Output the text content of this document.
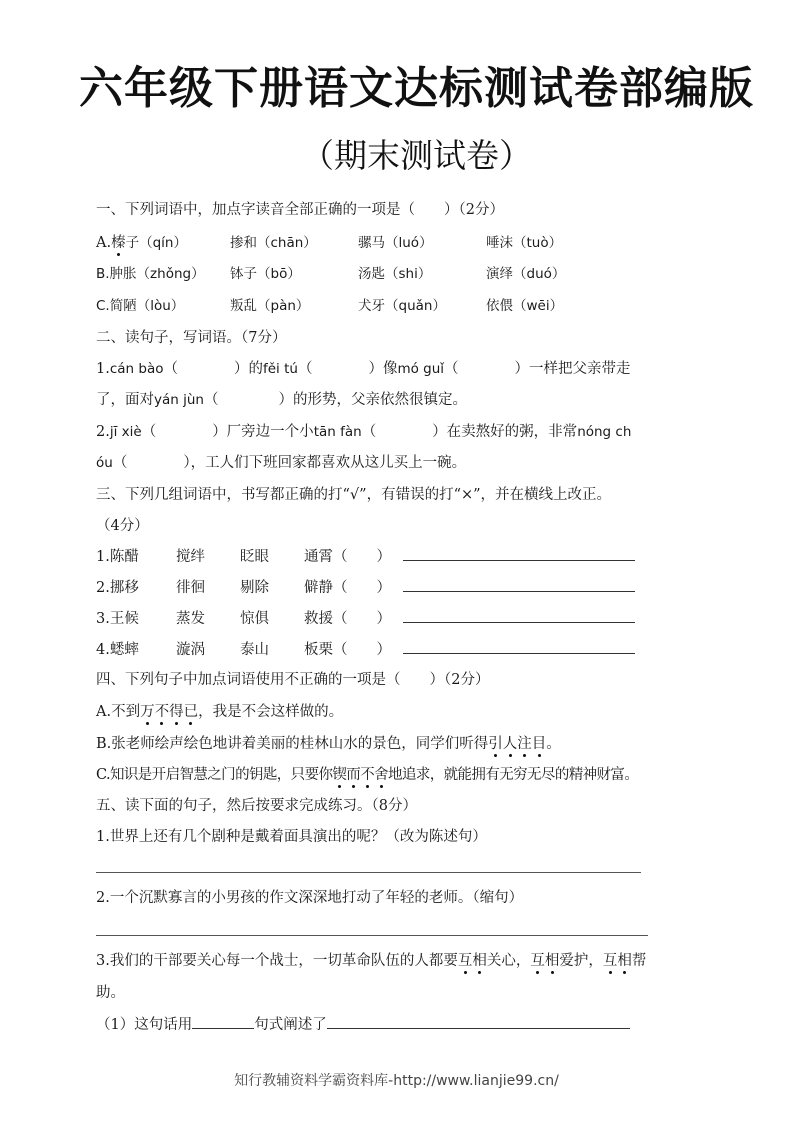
六年级下册语文达标测试卷部编版
（期末测试卷）
一、下列词语中，加点字读音全部正确的一项是（　　）（2分）
A.榛子（qín）	掺和（chān）	骡马（luó）	唾沫（tuò）
B.肿胀（zhǒng） 钵子（bō）	汤匙（shi）	演绎（duó）
C.简陋（lòu）	叛乱（pàn）	犬牙（quǎn）	依偎（wēi）
二、读句子，写词语。（7分）
1.cán bào（	）的fěi tú（	）像mó guǐ（	）一样把父亲带走
了，面对yán jùn（	）的形势，父亲依然很镇定。
2.jī xiè（	）厂旁边一个小tān fàn（	）在卖熬好的粥，非常nóng ch
óu（	），工人们下班回家都喜欢从这儿买上一碗。
三、下列几组词语中，书写都正确的打“√”，有错误的打“×”，并在横线上改正。
（4分）
1.陈醋	搅绊 眨眼 通霄（　　）
2.挪移	徘徊 剔除 僻静（　　）
3.王候	蒸发 惊俱 救援（　　）
4.蟋蟀	漩涡 泰山 板栗（　　）
四、下列句子中加点词语使用不正确的一项是（　　）（2分）
A.不到万不得已，我是不会这样做的。
B.张老师绘声绘色地讲着美丽的桂林山水的景色，同学们听得引人注目。
C.知识是开启智慧之门的钥匙，只要你锲而不舍地追求，就能拥有无穷无尽的精神财富。
五、读下面的句子，然后按要求完成练习。（8分）
1.世界上还有几个剧种是戴着面具演出的呢？（改为陈述句）
2.一个沉默寡言的小男孩的作文深深地打动了年轻的老师。（缩句）
3.我们的干部要关心每一个战士，一切革命队伍的人都要互相关心，互相爱护，互相帮
助。
（1）这句话用	句式阐述了
知行教辅资料学霸资料库-http://www.lianjie99.cn/
